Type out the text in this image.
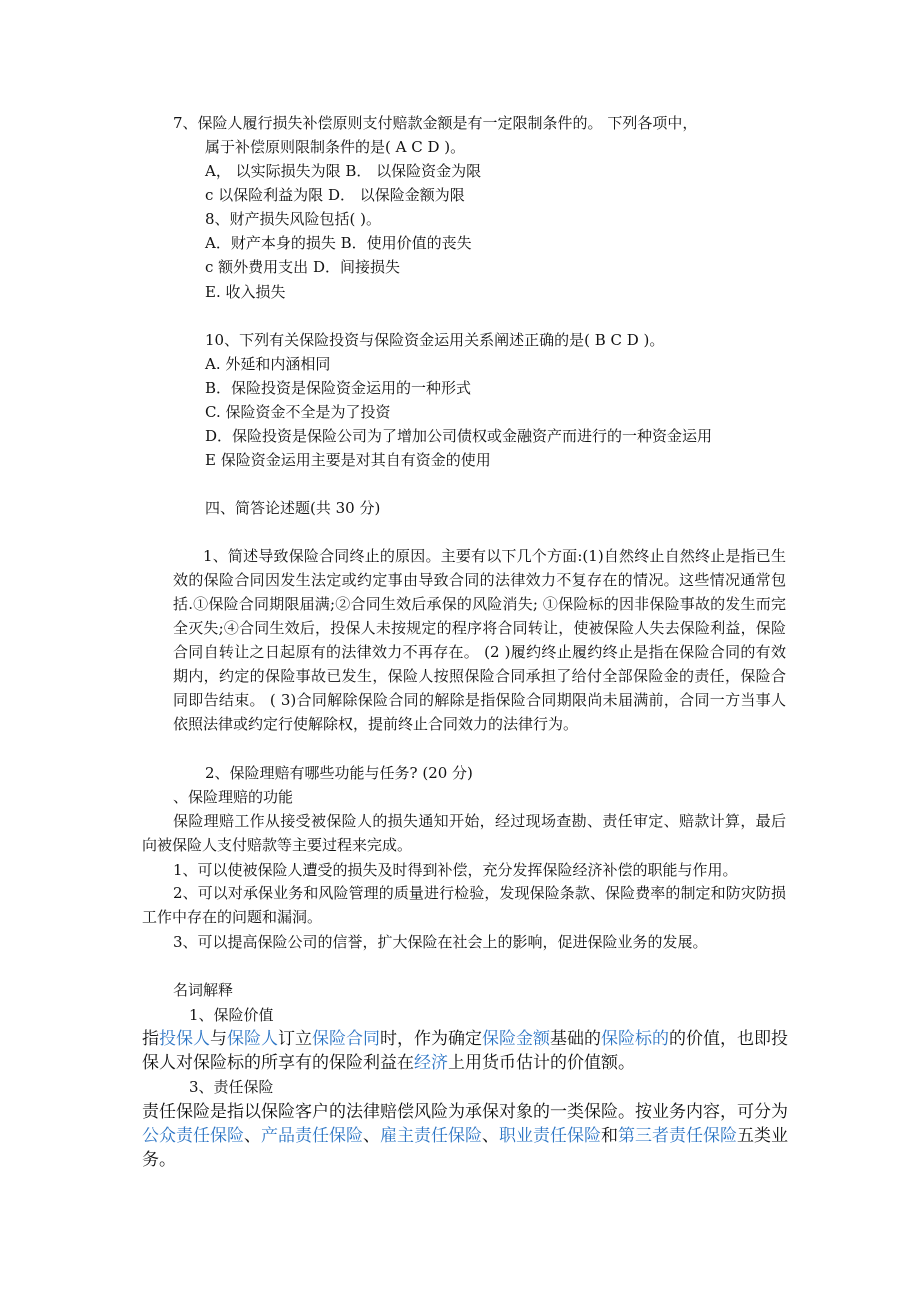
7、保险人履行损失补偿原则支付赔款金额是有一定限制条件的。 下列各项中，
属于补偿原则限制条件的是( A C D )。
A， 以实际损失为限 B． 以保险资金为限
c 以保险利益为限 D． 以保险金额为限
8、财产损失风险包括( )。
A．财产本身的损失 B．使用价值的丧失
c 额外费用支出 D．间接损失
E. 收入损失
10、下列有关保险投资与保险资金运用关系阐述正确的是( B C D )。
A. 外延和内涵相同
B．保险投资是保险资金运用的一种形式
C. 保险资金不全是为了投资
D．保险投资是保险公司为了增加公司债权或金融资产而进行的一种资金运用
E 保险资金运用主要是对其自有资金的使用
四、简答论述题(共 30 分)
1、简述导致保险合同终止的原因。主要有以下几个方面:(1)自然终止自然终止是指已生效的保险合同因发生法定或约定事由导致合同的法律效力不复存在的情况。这些情况通常包括.①保险合同期限届满;②合同生效后承保的风险消失; ①保险标的因非保险事故的发生而完全灭失;④合同生效后，投保人未按规定的程序将合同转让，使被保险人失去保险利益，保险合同自转让之日起原有的法律效力不再存在。 (2 )履约终止履约终止是指在保险合同的有效期内，约定的保险事故已发生，保险人按照保险合同承担了给付全部保险金的责任，保险合同即告结束。 ( 3)合同解除保险合同的解除是指保险合同期限尚未届满前，合同一方当事人依照法律或约定行使解除权，提前终止合同效力的法律行为。
2、保险理赔有哪些功能与任务? (20 分)
、保险理赔的功能
保险理赔工作从接受被保险人的损失通知开始，经过现场查勘、责任审定、赔款计算，最后向被保险人支付赔款等主要过程来完成。
1、可以使被保险人遭受的损失及时得到补偿，充分发挥保险经济补偿的职能与作用。
2、可以对承保业务和风险管理的质量进行检验，发现保险条款、保险费率的制定和防灾防损工作中存在的问题和漏洞。
3、可以提高保险公司的信誉，扩大保险在社会上的影响，促进保险业务的发展。
名词解释
1、保险价值
指投保人与保险人订立保险合同时，作为确定保险金额基础的保险标的的价值，也即投保人对保险标的所享有的保险利益在经济上用货币估计的价值额。
3、责任保险
责任保险是指以保险客户的法律赔偿风险为承保对象的一类保险。按业务内容，可分为公众责任保险、产品责任保险、雇主责任保险、职业责任保险和第三者责任保险五类业务。
